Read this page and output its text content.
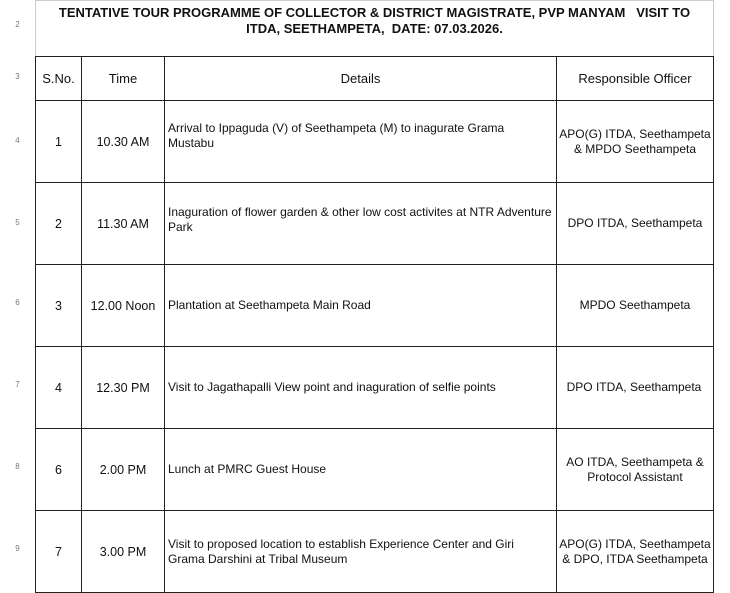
2
3
4
5
6
7
8
9
TENTATIVE TOUR PROGRAMME OF COLLECTOR & DISTRICT MAGISTRATE, PVP MANYAM   VISIT TO
ITDA, SEETHAMPETA,  DATE: 07.03.2026.			

S.No.	Time	Details	Responsible Officer
1	10.30 AM	Arrival to Ippaguda (V) of Seethampeta (M) to inagurate Grama Mustabu	APO(G) ITDA, Seethampeta & MPDO Seethampeta
2	11.30 AM	Inaguration of flower garden & other low cost activites at NTR Adventure Park	DPO ITDA, Seethampeta
3	12.00 Noon	Plantation at Seethampeta Main Road	MPDO Seethampeta
4	12.30 PM	Visit to Jagathapalli View point and inaguration of selfie points	DPO ITDA, Seethampeta

6	2.00 PM	Lunch at PMRC Guest House	AO ITDA, Seethampeta & Protocol Assistant
7	3.00 PM	Visit to proposed location to establish Experience Center and Giri Grama Darshini at Tribal Museum	APO(G) ITDA, Seethampeta & DPO, ITDA Seethampeta
